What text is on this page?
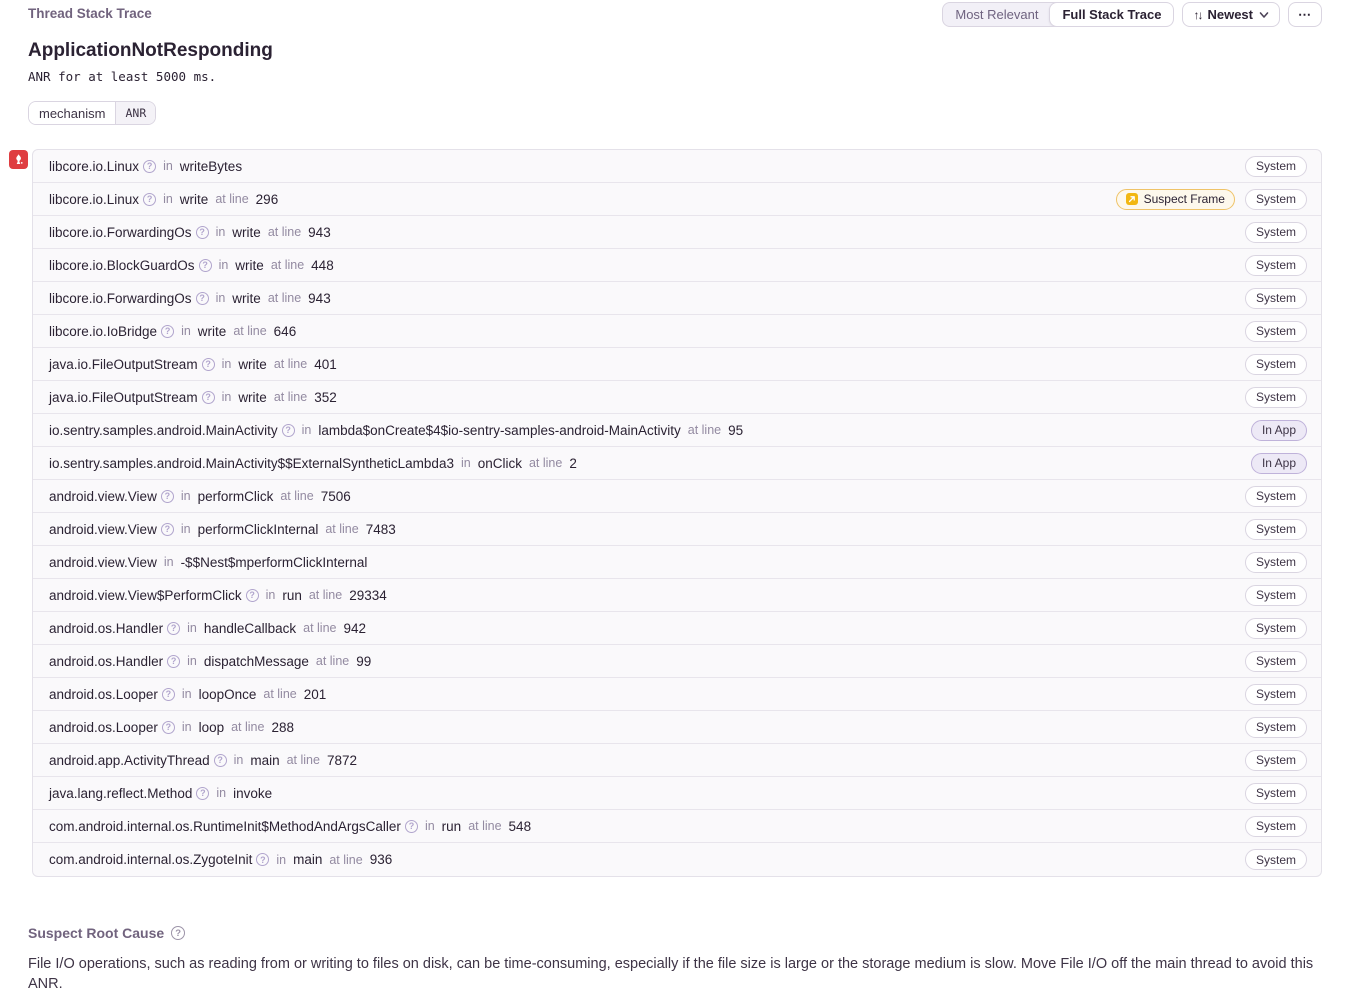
Thread Stack Trace	Most Relevant	Full Stack Trace	↑↓ Newest	⋯
ApplicationNotResponding
ANR for at least 5000 ms.
mechanism	ANR
libcore.io.Linux ? in writeBytes	System
libcore.io.Linux ? in write at line 296	Suspect Frame	System
libcore.io.ForwardingOs ? in write at line 943	System
libcore.io.BlockGuardOs ? in write at line 448	System
libcore.io.ForwardingOs ? in write at line 943	System
libcore.io.IoBridge ? in write at line 646	System
java.io.FileOutputStream ? in write at line 401	System
java.io.FileOutputStream ? in write at line 352	System
io.sentry.samples.android.MainActivity ? in lambda$onCreate$4$io-sentry-samples-android-MainActivity at line 95	In App
io.sentry.samples.android.MainActivity$$ExternalSyntheticLambda3 in onClick at line 2	In App
android.view.View ? in performClick at line 7506	System
android.view.View ? in performClickInternal at line 7483	System
android.view.View in -$$Nest$mperformClickInternal	System
android.view.View$PerformClick ? in run at line 29334	System
android.os.Handler ? in handleCallback at line 942	System
android.os.Handler ? in dispatchMessage at line 99	System
android.os.Looper ? in loopOnce at line 201	System
android.os.Looper ? in loop at line 288	System
android.app.ActivityThread ? in main at line 7872	System
java.lang.reflect.Method ? in invoke	System
com.android.internal.os.RuntimeInit$MethodAndArgsCaller ? in run at line 548	System
com.android.internal.os.ZygoteInit ? in main at line 936	System
Suspect Root Cause	?
File I/O operations, such as reading from or writing to files on disk, can be time-consuming, especially if the file size is large or the storage medium is slow. Move File I/O off the main thread to avoid this ANR.
